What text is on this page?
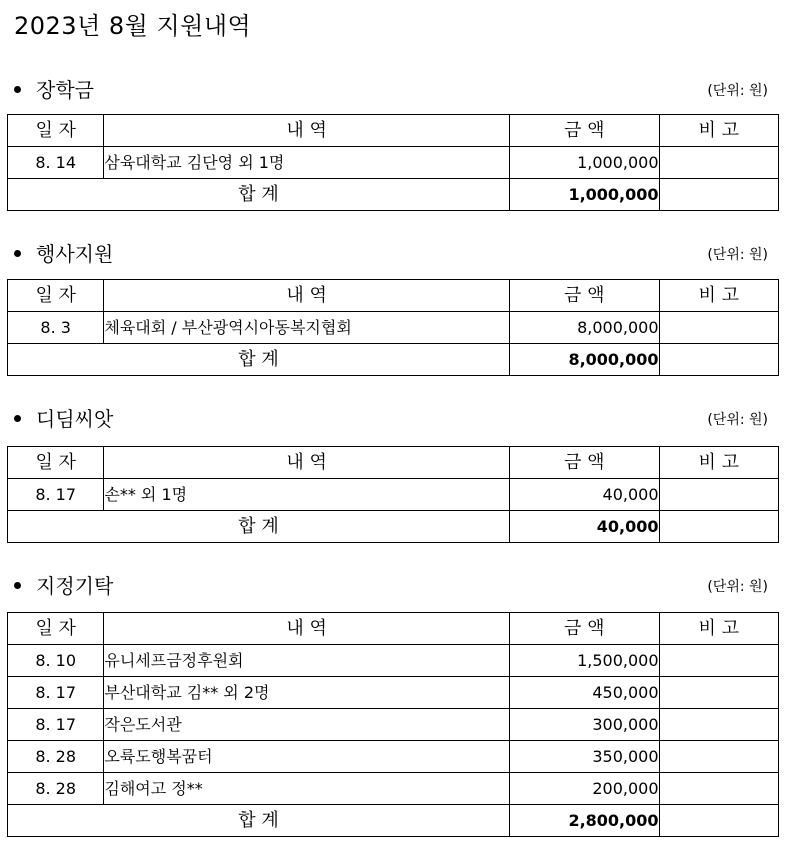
2023년 8월 지원내역
장학금	(단위: 원)
일 자	내 역	금 액	비 고
8. 14	삼육대학교 김단영 외 1명	1,000,000	
합 계		1,000,000	
행사지원	(단위: 원)
일 자	내 역	금 액	비 고
8. 3	체육대회 / 부산광역시아동복지협회	8,000,000	
합 계		8,000,000	
디딤씨앗	(단위: 원)
일 자	내 역	금 액	비 고
8. 17	손** 외 1명	40,000	
합 계		40,000	
지정기탁	(단위: 원)
일 자	내 역	금 액	비 고
8. 10	유니세프금정후원회	1,500,000	
8. 17	부산대학교 김** 외 2명	450,000	
8. 17	작은도서관	300,000	
8. 28	오륙도행복꿈터	350,000	
8. 28	김해여고 정**	200,000	
합 계		2,800,000	
